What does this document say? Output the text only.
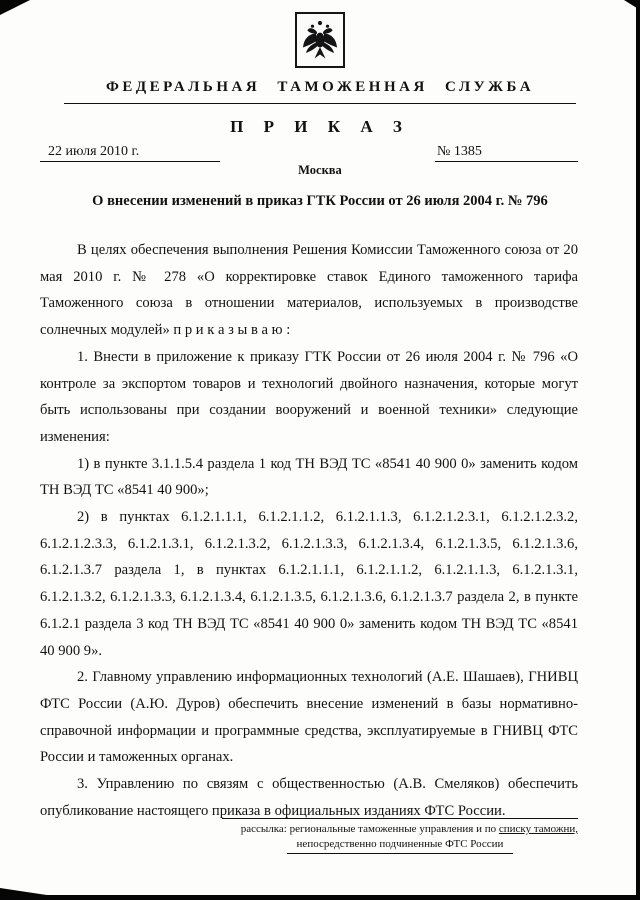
ФЕДЕРАЛЬНАЯ ТАМОЖЕННАЯ СЛУЖБА
П Р И К А З
22 июля 2010 г.	№ 1385
Москва
О внесении изменений в приказ ГТК России от 26 июля 2004 г. № 796

В целях обеспечения выполнения Решения Комиссии Таможенного союза от 20 мая 2010 г. № 278 «О корректировке ставок Единого таможенного тарифа Таможенного союза в отношении материалов, используемых в производстве солнечных модулей» п р и к а з ы в а ю :

1. Внести в приложение к приказу ГТК России от 26 июля 2004 г. № 796 «О контроле за экспортом товаров и технологий двойного назначения, которые могут быть использованы при создании вооружений и военной техники» следующие изменения:

1) в пункте 3.1.1.5.4 раздела 1 код ТН ВЭД ТС «8541 40 900 0» заменить кодом ТН ВЭД ТС «8541 40 900»;

2) в пунктах 6.1.2.1.1.1, 6.1.2.1.1.2, 6.1.2.1.1.3, 6.1.2.1.2.3.1, 6.1.2.1.2.3.2, 6.1.2.1.2.3.3, 6.1.2.1.3.1, 6.1.2.1.3.2, 6.1.2.1.3.3, 6.1.2.1.3.4, 6.1.2.1.3.5, 6.1.2.1.3.6, 6.1.2.1.3.7 раздела 1, в пунктах 6.1.2.1.1.1, 6.1.2.1.1.2, 6.1.2.1.1.3, 6.1.2.1.3.1, 6.1.2.1.3.2, 6.1.2.1.3.3, 6.1.2.1.3.4, 6.1.2.1.3.5, 6.1.2.1.3.6, 6.1.2.1.3.7 раздела 2, в пункте 6.1.2.1 раздела 3 код ТН ВЭД ТС «8541 40 900 0» заменить кодом ТН ВЭД ТС «8541 40 900 9».

2. Главному управлению информационных технологий (А.Е. Шашаев), ГНИВЦ ФТС России (А.Ю. Дуров) обеспечить внесение изменений в базы нормативно-справочной информации и программные средства, эксплуатируемые в ГНИВЦ ФТС России и таможенных органах.

3. Управлению по связям с общественностью (А.В. Смеляков) обеспечить опубликование настоящего приказа в официальных изданиях ФТС России.

рассылка: региональные таможенные управления и по списку таможни,
непосредственно подчиненные ФТС России
